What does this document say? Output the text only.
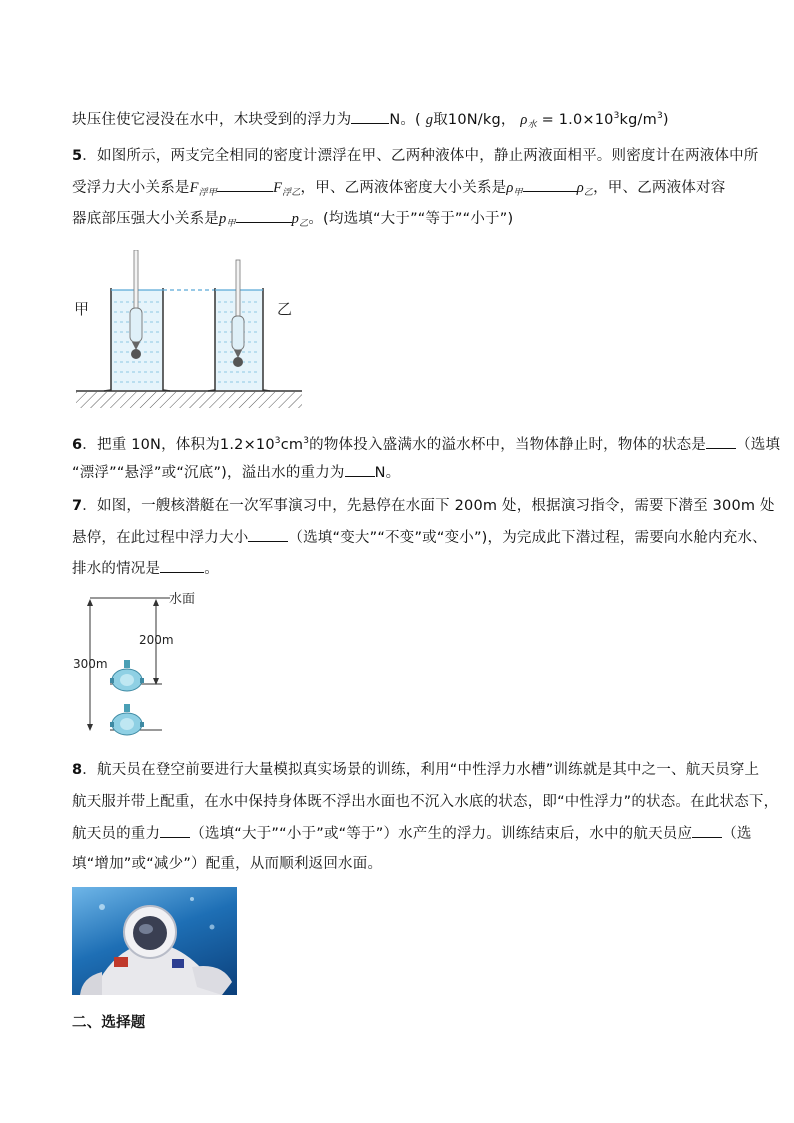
块压住使它浸没在水中，木块受到的浮力为	N。( g取10N/kg， $\rho_水 = 1.0\times 10^3kg/m^3$)
5．如图所示，两支完全相同的密度计漂浮在甲、乙两种液体中，静止两液面相平。则密度计在两液体中所
受浮力大小关系是$F_{浮甲}$	$F_{浮乙}$，甲、乙两液体密度大小关系是$\rho_甲$	$\rho_乙$，甲、乙两液体对容
器底部压强大小关系是$p_甲$	$p_乙$。(均选填“大于”“等于”“小于”)
甲	乙
6．把重 10N，体积为$1.2\times 10^3cm^3$的物体投入盛满水的溢水杯中，当物体静止时，物体的状态是 （选填
“漂浮”“悬浮”或“沉底”)，溢出水的重力为 N。
7．如图，一艘核潜艇在一次军事演习中，先悬停在水面下 200m 处，根据演习指令，需要下潜至 300m 处
悬停，在此过程中浮力大小	（选填“变大”“不变”或“变小”)，为完成此下潜过程，需要向水舱内充水、
排水的情况是	。
水面
300m
200m
8．航天员在登空前要进行大量模拟真实场景的训练，利用“中性浮力水槽”训练就是其中之一、航天员穿上
航天服并带上配重，在水中保持身体既不浮出水面也不沉入水底的状态，即“中性浮力”的状态。在此状态下，
航天员的重力 （选填“大于”“小于”或“等于”）水产生的浮力。训练结束后，水中的航天员应 （选
填“增加”或“减少”）配重，从而顺利返回水面。
二、选择题
